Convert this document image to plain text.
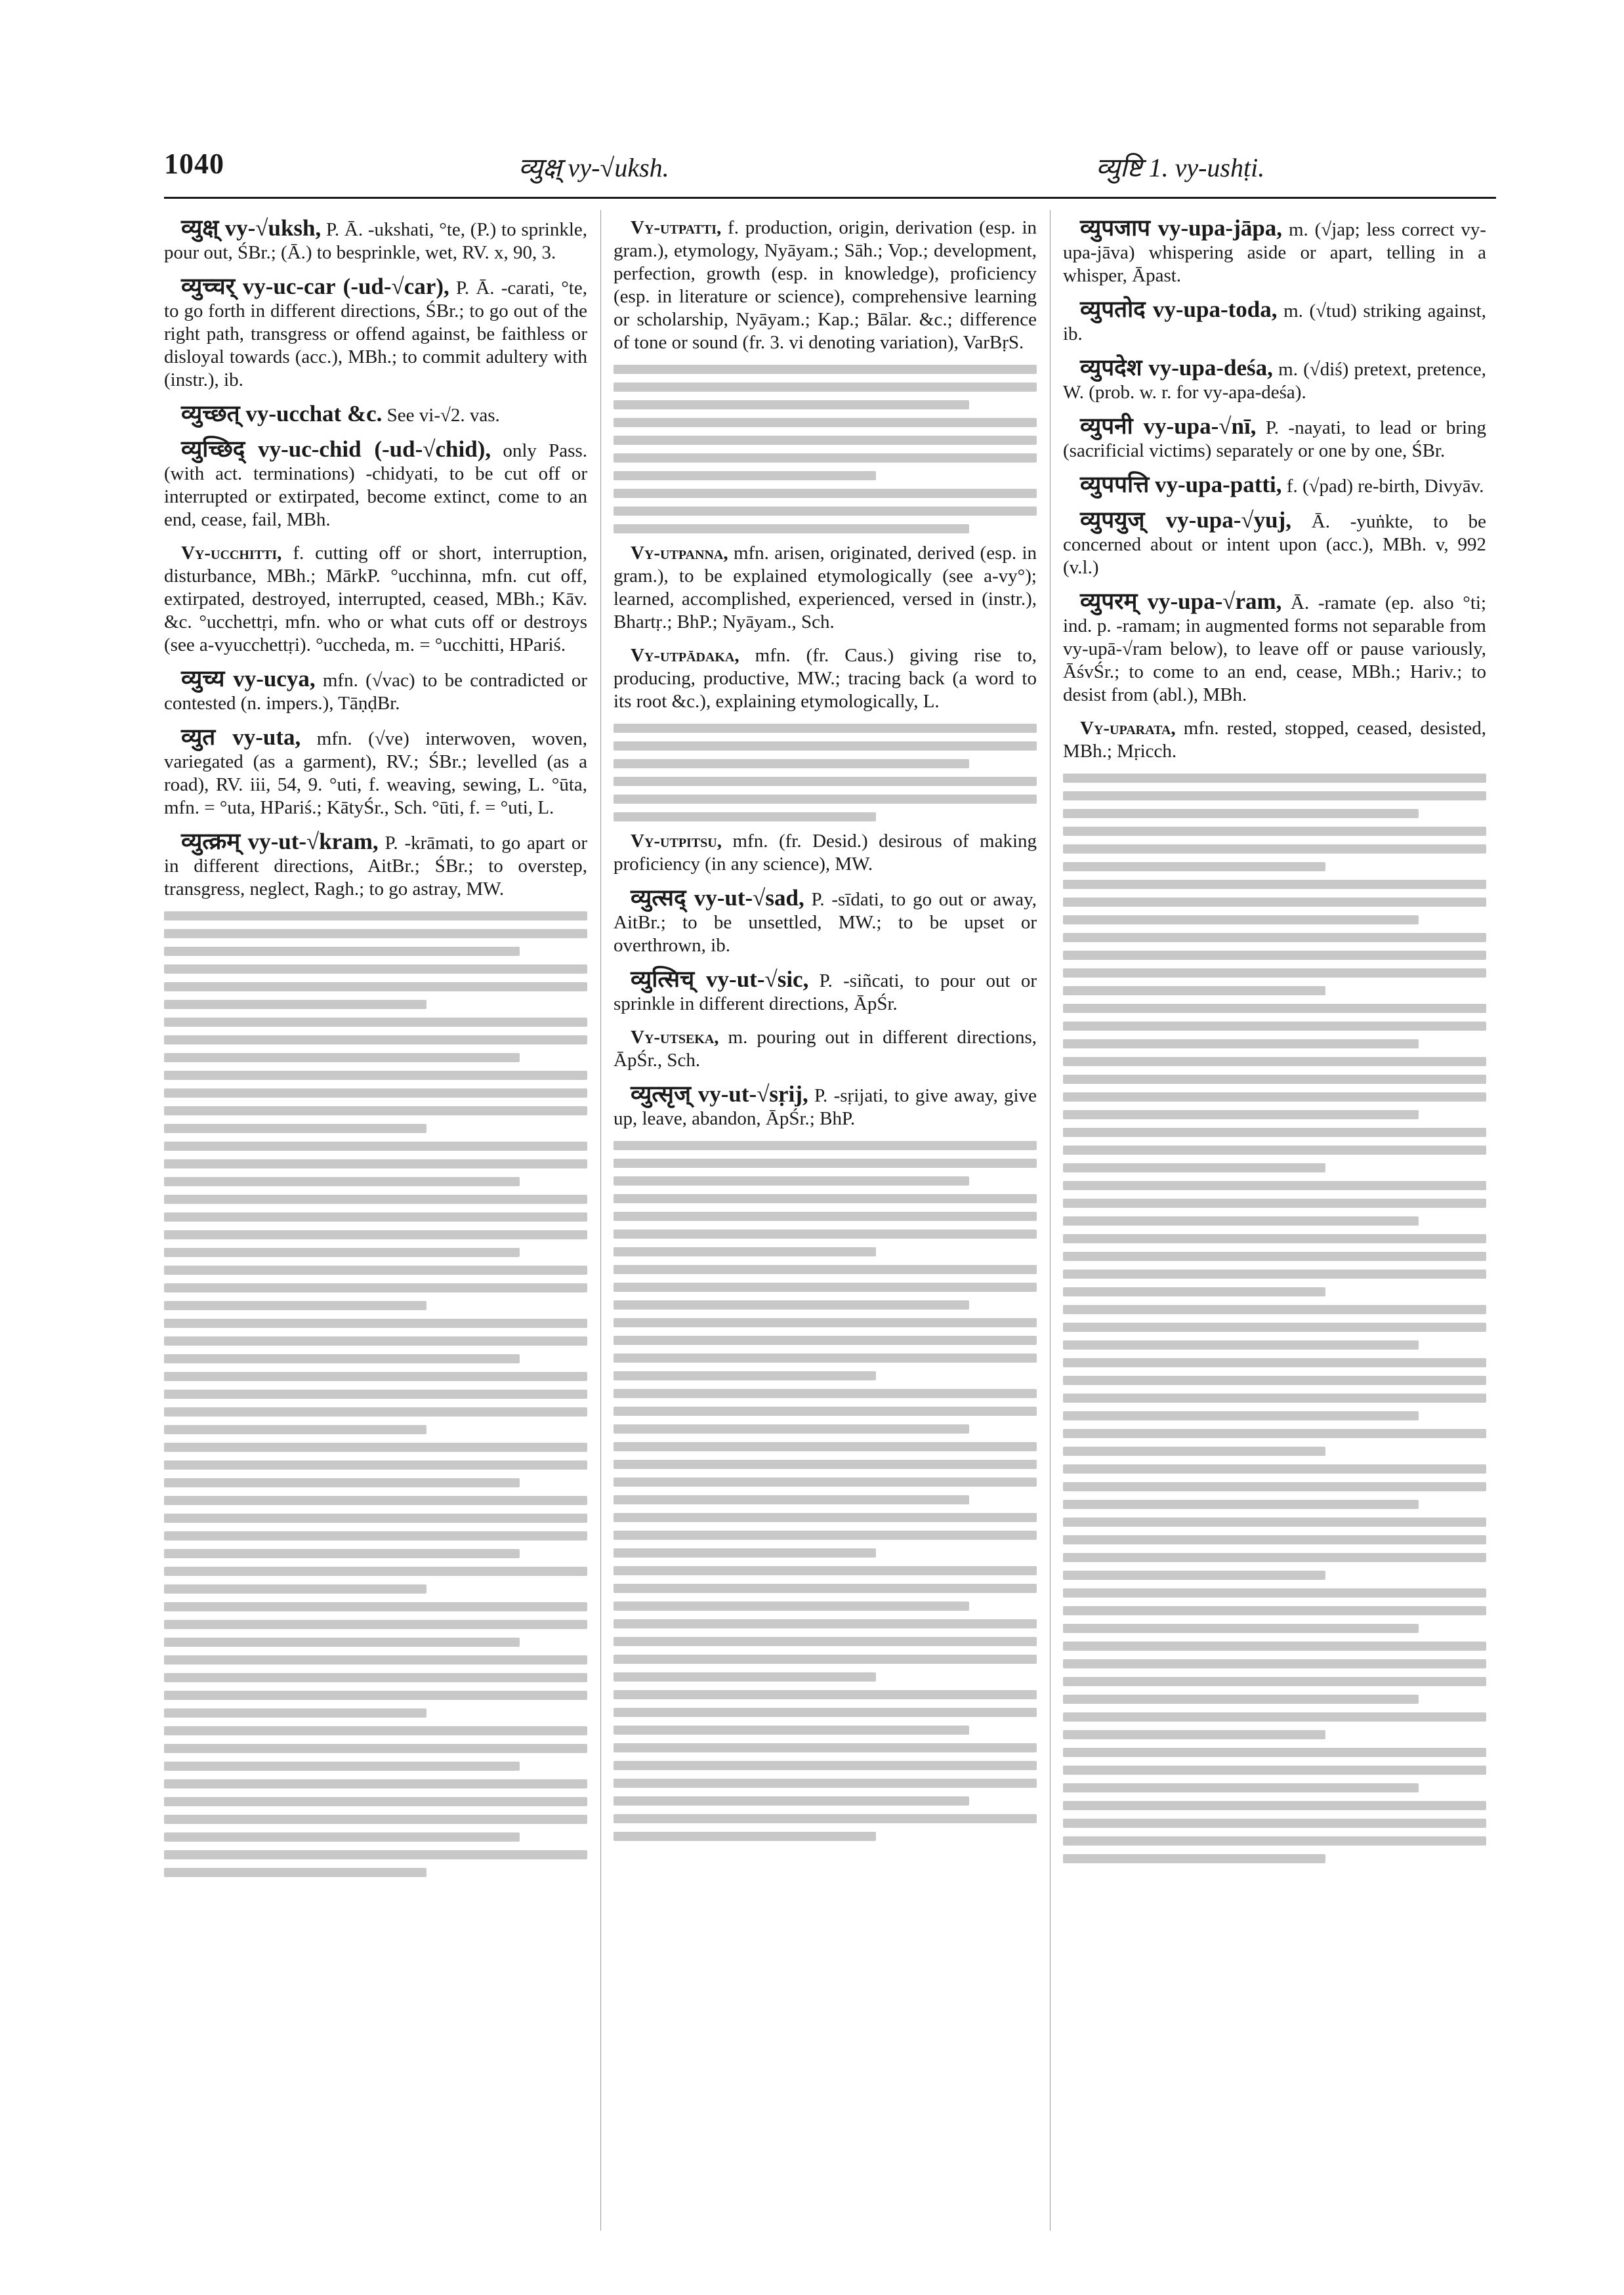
1040	व्युक्ष् vy-√uksh.	व्युष्टि 1. vy-ushṭi.

व्युक्ष् vy-√uksh, P. Ā. -ukshati, °te, (P.) to sprinkle, pour out, ŚBr.; (Ā.) to besprinkle, wet, RV. x, 90, 3.

व्युच्चर् vy-uc-car (-ud-√car), P. Ā. -carati, °te, to go forth in different directions, ŚBr.; to go out of the right path, transgress or offend against, be faithless or disloyal towards (acc.), MBh.; to commit adultery with (instr.), ib.

व्युच्छत् vy-ucchat &c. See vi-√2. vas.

व्युच्छिद् vy-uc-chid (-ud-√chid), only Pass. (with act. terminations) -chidyati, to be cut off or interrupted or extirpated, become extinct, come to an end, cease, fail, MBh.

Vy-ucchitti, f. cutting off or short, interruption, disturbance, MBh.; MārkP. °ucchinna, mfn. cut off, extirpated, destroyed, interrupted, ceased, MBh.; Kāv. &c. °ucchettṛi, mfn. who or what cuts off or destroys (see a-vyucchettṛi). °uccheda, m. = °ucchitti, HPariś.

व्युच्य vy-ucya, mfn. (√vac) to be contradicted or contested (n. impers.), TāṇḍBr.

व्युत vy-uta, mfn. (√ve) interwoven, woven, variegated (as a garment), RV.; ŚBr.; levelled (as a road), RV. iii, 54, 9. °uti, f. weaving, sewing, L. °ūta, mfn. = °uta, HPariś.; KātyŚr., Sch. °ūti, f. = °uti, L.

व्युत्क्रम् vy-ut-√kram, P. -krāmati, to go apart or in different directions, AitBr.; ŚBr.; to overstep, transgress, neglect, Ragh.; to go astray, MW.

Vy-utpatti, f. production, origin, derivation (esp. in gram.), etymology, Nyāyam.; Sāh.; Vop.; development, perfection, growth (esp. in knowledge), proficiency (esp. in literature or science), comprehensive learning or scholarship, Nyāyam.; Kap.; Bālar. &c.; difference of tone or sound (fr. 3. vi denoting variation), VarBṛS.

Vy-utpanna, mfn. arisen, originated, derived (esp. in gram.), to be explained etymologically (see a-vy°); learned, accomplished, experienced, versed in (instr.), Bhartṛ.; BhP.; Nyāyam., Sch.

Vy-utpādaka, mfn. (fr. Caus.) giving rise to, producing, productive, MW.; tracing back (a word to its root &c.), explaining etymologically, L.

Vy-utpitsu, mfn. (fr. Desid.) desirous of making proficiency (in any science), MW.

व्युत्सद् vy-ut-√sad, P. -sīdati, to go out or away, AitBr.; to be unsettled, MW.; to be upset or overthrown, ib.

व्युत्सिच् vy-ut-√sic, P. -siñcati, to pour out or sprinkle in different directions, ĀpŚr.

Vy-utseka, m. pouring out in different directions, ĀpŚr., Sch.

व्युत्सृज् vy-ut-√sṛij, P. -sṛijati, to give away, give up, leave, abandon, ĀpŚr.; BhP.

व्युपजाप vy-upa-jāpa, m. (√jap; less correct vy-upa-jāva) whispering aside or apart, telling in a whisper, Āpast.

व्युपतोद vy-upa-toda, m. (√tud) striking against, ib.

व्युपदेश vy-upa-deśa, m. (√diś) pretext, pretence, W. (prob. w. r. for vy-apa-deśa).

व्युपनी vy-upa-√nī, P. -nayati, to lead or bring (sacrificial victims) separately or one by one, ŚBr.

व्युपपत्ति vy-upa-patti, f. (√pad) re-birth, Divyāv.

व्युपयुज् vy-upa-√yuj, Ā. -yuṅkte, to be concerned about or intent upon (acc.), MBh. v, 992 (v.l.)

व्युपरम् vy-upa-√ram, Ā. -ramate (ep. also °ti; ind. p. -ramam; in augmented forms not separable from vy-upā-√ram below), to leave off or pause variously, ĀśvŚr.; to come to an end, cease, MBh.; Hariv.; to desist from (abl.), MBh.

Vy-uparata, mfn. rested, stopped, ceased, desisted, MBh.; Mṛicch.
